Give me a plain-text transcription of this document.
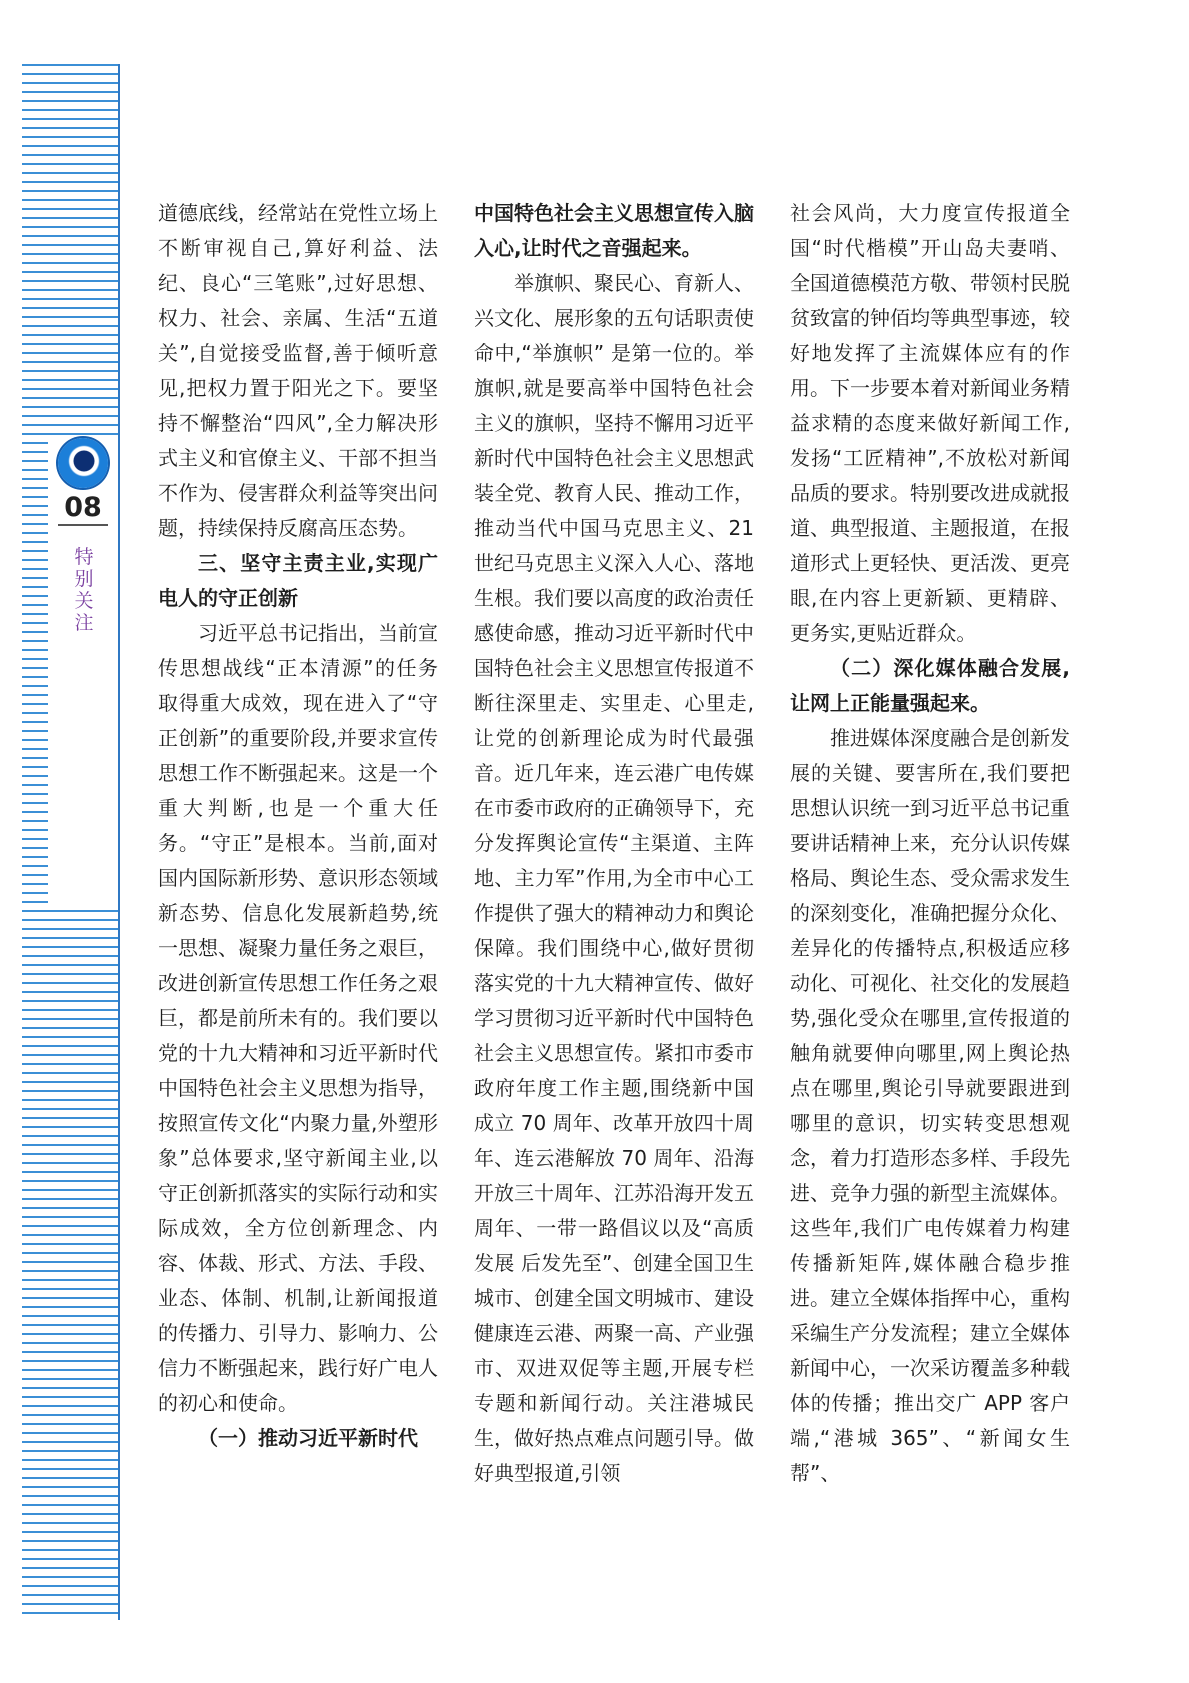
08
特别关注

道德底线，经常站在党性立场上不断审视自己,算好利益、法纪、良心“三笔账”,过好思想、权力、社会、亲属、生活“五道关”,自觉接受监督,善于倾听意见,把权力置于阳光之下。要坚持不懈整治“四风”,全力解决形式主义和官僚主义、干部不担当不作为、侵害群众利益等突出问题，持续保持反腐高压态势。

三、坚守主责主业,实现广电人的守正创新

习近平总书记指出，当前宣传思想战线“正本清源”的任务取得重大成效，现在进入了“守正创新”的重要阶段,并要求宣传思想工作不断强起来。这是一个重大判断,也是一个重大任务。“守正”是根本。当前,面对国内国际新形势、意识形态领域新态势、信息化发展新趋势,统一思想、凝聚力量任务之艰巨，改进创新宣传思想工作任务之艰巨，都是前所未有的。我们要以党的十九大精神和习近平新时代中国特色社会主义思想为指导，按照宣传文化“内聚力量,外塑形象”总体要求,坚守新闻主业,以守正创新抓落实的实际行动和实际成效，全方位创新理念、内容、体裁、形式、方法、手段、业态、体制、机制,让新闻报道的传播力、引导力、影响力、公信力不断强起来，践行好广电人的初心和使命。

（一）推动习近平新时代

中国特色社会主义思想宣传入脑入心,让时代之音强起来。

举旗帜、聚民心、育新人、兴文化、展形象的五句话职责使命中,“举旗帜” 是第一位的。举旗帜,就是要高举中国特色社会主义的旗帜，坚持不懈用习近平新时代中国特色社会主义思想武装全党、教育人民、推动工作，推动当代中国马克思主义、21 世纪马克思主义深入人心、落地生根。我们要以高度的政治责任感使命感，推动习近平新时代中国特色社会主义思想宣传报道不断往深里走、实里走、心里走,让党的创新理论成为时代最强音。近几年来，连云港广电传媒在市委市政府的正确领导下，充分发挥舆论宣传“主渠道、主阵地、主力军”作用,为全市中心工作提供了强大的精神动力和舆论保障。我们围绕中心,做好贯彻落实党的十九大精神宣传、做好学习贯彻习近平新时代中国特色社会主义思想宣传。紧扣市委市政府年度工作主题,围绕新中国成立 70 周年、改革开放四十周年、连云港解放 70 周年、沿海开放三十周年、江苏沿海开发五周年、一带一路倡议以及“高质发展 后发先至”、创建全国卫生城市、创建全国文明城市、建设健康连云港、两聚一高、产业强市、双进双促等主题,开展专栏专题和新闻行动。关注港城民生，做好热点难点问题引导。做好典型报道,引领

社会风尚，大力度宣传报道全国“时代楷模”开山岛夫妻哨、全国道德模范方敬、带领村民脱贫致富的钟佰均等典型事迹，较好地发挥了主流媒体应有的作用。下一步要本着对新闻业务精益求精的态度来做好新闻工作,发扬“工匠精神”,不放松对新闻品质的要求。特别要改进成就报道、典型报道、主题报道，在报道形式上更轻快、更活泼、更亮眼,在内容上更新颖、更精辟、更务实,更贴近群众。

（二）深化媒体融合发展,让网上正能量强起来。

推进媒体深度融合是创新发展的关键、要害所在,我们要把思想认识统一到习近平总书记重要讲话精神上来，充分认识传媒格局、舆论生态、受众需求发生的深刻变化，准确把握分众化、差异化的传播特点,积极适应移动化、可视化、社交化的发展趋势,强化受众在哪里,宣传报道的触角就要伸向哪里,网上舆论热点在哪里,舆论引导就要跟进到哪里的意识，切实转变思想观念，着力打造形态多样、手段先进、竞争力强的新型主流媒体。这些年,我们广电传媒着力构建传播新矩阵,媒体融合稳步推进。建立全媒体指挥中心，重构采编生产分发流程；建立全媒体新闻中心，一次采访覆盖多种载体的传播；推出交广 APP 客户端,“港城 365”、“新闻女生帮”、
